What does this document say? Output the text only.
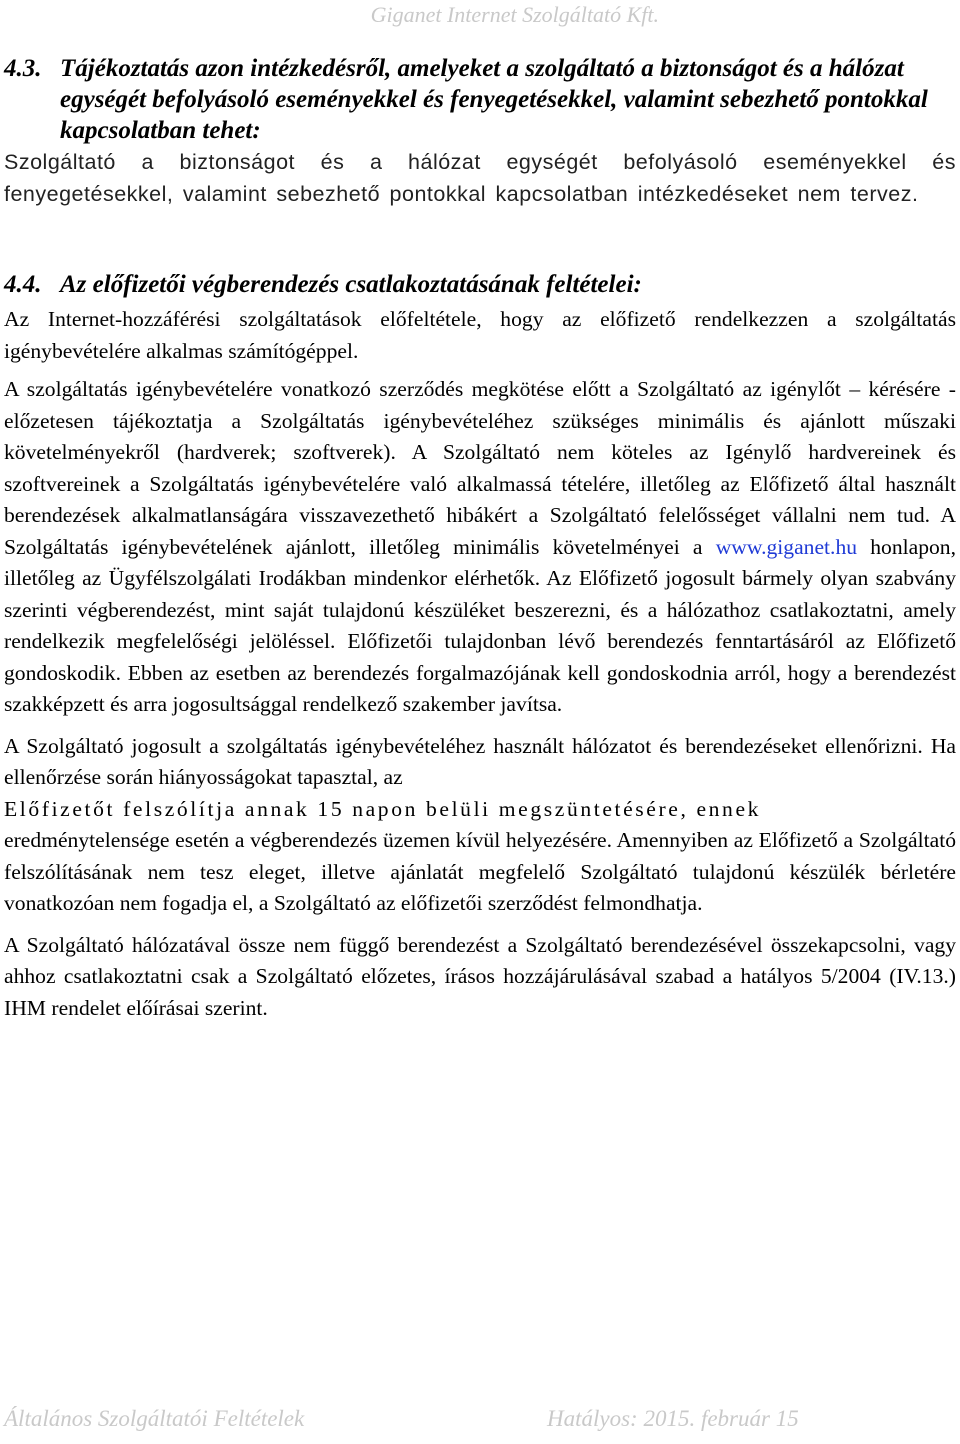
Giganet Internet Szolgáltató Kft.
4.3. Tájékoztatás azon intézkedésről, amelyeket a szolgáltató a biztonságot és a hálózat egységét befolyásoló eseményekkel és fenyegetésekkel, valamint sebezhető pontokkal kapcsolatban tehet:

Szolgáltató a biztonságot és a hálózat egységét befolyásoló eseményekkel és fenyegetésekkel, valamint sebezhető pontokkal kapcsolatban intézkedéseket nem tervez.

4.4. Az előfizetői végberendezés csatlakoztatásának feltételei:

Az Internet-hozzáférési szolgáltatások előfeltétele, hogy az előfizető rendelkezzen a szolgáltatás igénybevételére alkalmas számítógéppel.

A szolgáltatás igénybevételére vonatkozó szerződés megkötése előtt a Szolgáltató az igénylőt – kérésére - előzetesen tájékoztatja a Szolgáltatás igénybevételéhez szükséges minimális és ajánlott műszaki követelményekről (hardverek; szoftverek). A Szolgáltató nem köteles az Igénylő hardvereinek és szoftvereinek a Szolgáltatás igénybevételére való alkalmassá tételére, illetőleg az Előfizető által használt berendezések alkalmatlanságára visszavezethető hibákért a Szolgáltató felelősséget vállalni nem tud. A Szolgáltatás igénybevételének ajánlott, illetőleg minimális követelményei a www.giganet.hu honlapon, illetőleg az Ügyfélszolgálati Irodákban mindenkor elérhetők. Az Előfizető jogosult bármely olyan szabvány szerinti végberendezést, mint saját tulajdonú készüléket beszerezni, és a hálózathoz csatlakoztatni, amely rendelkezik megfelelőségi jelöléssel. Előfizetői tulajdonban lévő berendezés fenntartásáról az Előfizető gondoskodik. Ebben az esetben az berendezés forgalmazójának kell gondoskodnia arról, hogy a berendezést szakképzett és arra jogosultsággal rendelkező szakember javítsa.

A Szolgáltató jogosult a szolgáltatás igénybevételéhez használt hálózatot és berendezéseket ellenőrizni. Ha ellenőrzése során hiányosságokat tapasztal, az
Előfizetőt felszólítja annak 15 napon belüli megszüntetésére, ennek
eredménytelensége esetén a végberendezés üzemen kívül helyezésére. Amennyiben az Előfizető a Szolgáltató felszólításának nem tesz eleget, illetve ajánlatát megfelelő Szolgáltató tulajdonú készülék bérletére vonatkozóan nem fogadja el, a Szolgáltató az előfizetői szerződést felmondhatja.

A Szolgáltató hálózatával össze nem függő berendezést a Szolgáltató berendezésével összekapcsolni, vagy ahhoz csatlakoztatni csak a Szolgáltató előzetes, írásos hozzájárulásával szabad a hatályos 5/2004 (IV.13.) IHM rendelet előírásai szerint.

Általános Szolgáltatói Feltételek	Hatályos: 2015. február 15
